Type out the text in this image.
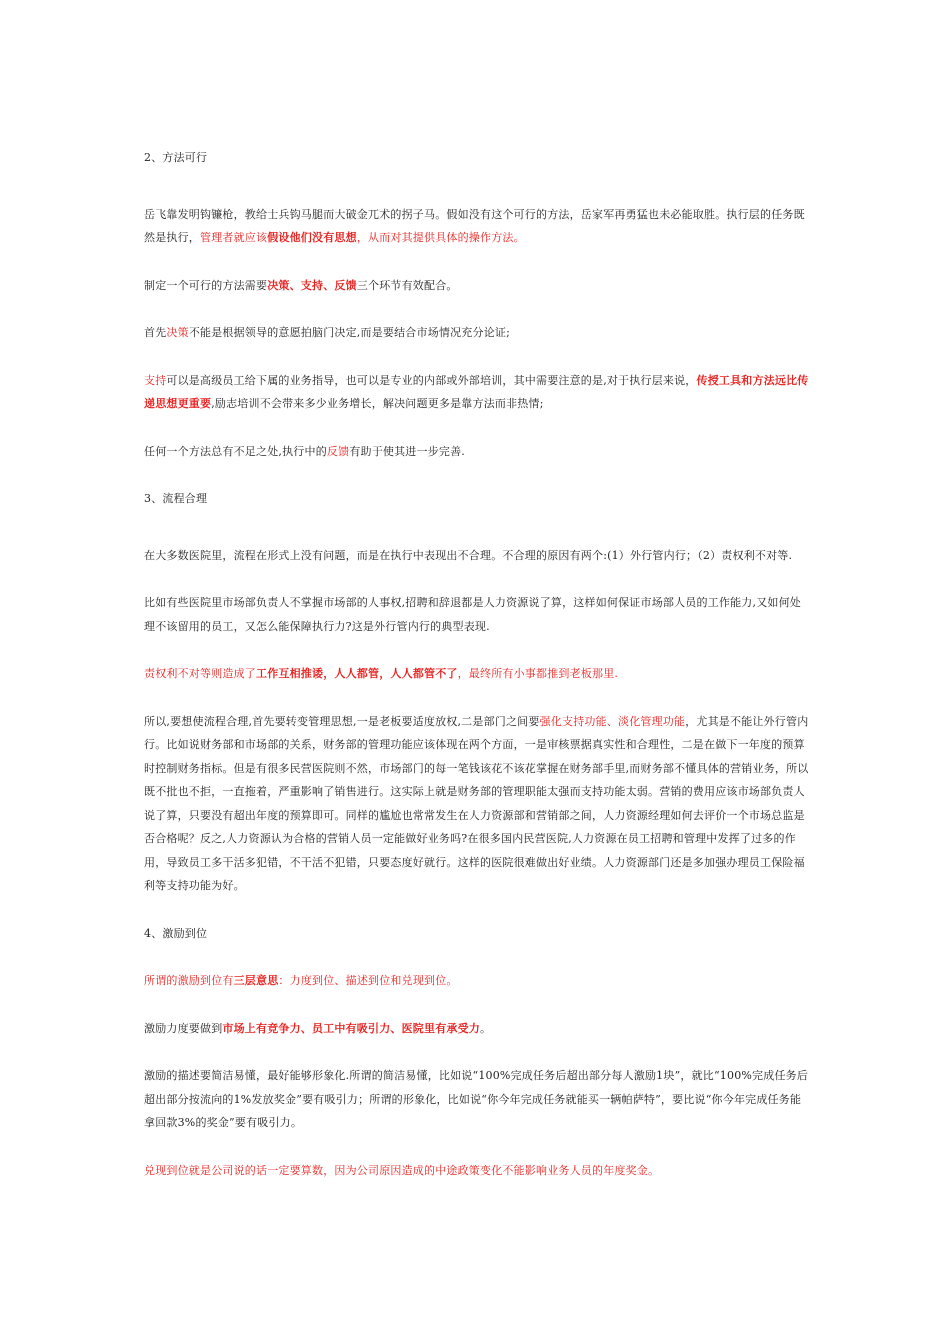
2、方法可行

岳飞靠发明钩镰枪，教给士兵钩马腿而大破金兀术的拐子马。假如没有这个可行的方法，岳家军再勇猛也未必能取胜。执行层的任务既然是执行，管理者就应该假设他们没有思想，从而对其提供具体的操作方法。

制定一个可行的方法需要决策、支持、反馈三个环节有效配合。

首先决策不能是根据领导的意愿拍脑门决定,而是要结合市场情况充分论证;

支持可以是高级员工给下属的业务指导，也可以是专业的内部或外部培训，其中需要注意的是,对于执行层来说，传授工具和方法远比传递思想更重要,励志培训不会带来多少业务增长，解决问题更多是靠方法而非热情;

任何一个方法总有不足之处,执行中的反馈有助于使其进一步完善.

3、流程合理

在大多数医院里，流程在形式上没有问题，而是在执行中表现出不合理。不合理的原因有两个:(1）外行管内行；（2）责权利不对等.

比如有些医院里市场部负责人不掌握市场部的人事权,招聘和辞退都是人力资源说了算，这样如何保证市场部人员的工作能力,又如何处理不该留用的员工，又怎么能保障执行力?这是外行管内行的典型表现.

责权利不对等则造成了工作互相推诿，人人都管，人人都管不了，最终所有小事都推到老板那里.

所以,要想使流程合理,首先要转变管理思想,一是老板要适度放权,二是部门之间要强化支持功能、淡化管理功能，尤其是不能让外行管内行。比如说财务部和市场部的关系，财务部的管理功能应该体现在两个方面，一是审核票据真实性和合理性，二是在做下一年度的预算时控制财务指标。但是有很多民营医院则不然，市场部门的每一笔钱该花不该花掌握在财务部手里,而财务部不懂具体的营销业务，所以既不批也不拒，一直拖着，严重影响了销售进行。这实际上就是财务部的管理职能太强而支持功能太弱。营销的费用应该市场部负责人说了算，只要没有超出年度的预算即可。同样的尴尬也常常发生在人力资源部和营销部之间，人力资源经理如何去评价一个市场总监是否合格呢？反之,人力资源认为合格的营销人员一定能做好业务吗?在很多国内民营医院,人力资源在员工招聘和管理中发挥了过多的作用，导致员工多干活多犯错，不干活不犯错，只要态度好就行。这样的医院很难做出好业绩。人力资源部门还是多加强办理员工保险福利等支持功能为好。

4、激励到位

所谓的激励到位有三层意思：力度到位、描述到位和兑现到位。

激励力度要做到市场上有竞争力、员工中有吸引力、医院里有承受力。

激励的描述要简洁易懂，最好能够形象化.所谓的简洁易懂，比如说“100%完成任务后超出部分每人激励1块”，就比“100%完成任务后超出部分按流向的1%发放奖金”要有吸引力；所谓的形象化，比如说“你今年完成任务就能买一辆帕萨特”，要比说“你今年完成任务能拿回款3%的奖金”要有吸引力。

兑现到位就是公司说的话一定要算数，因为公司原因造成的中途政策变化不能影响业务人员的年度奖金。
